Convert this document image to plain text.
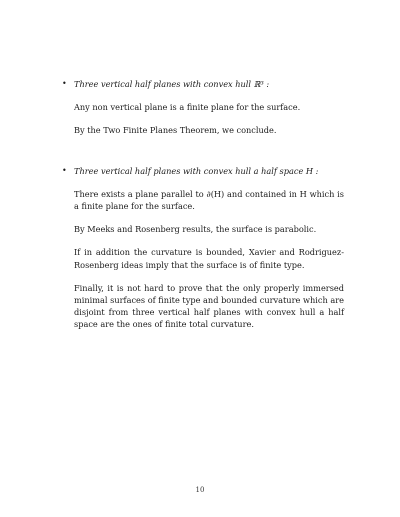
• Three vertical half planes with convex hull ℝ³ :

Any non vertical plane is a finite plane for the surface.

By the Two Finite Planes Theorem, we conclude.

• Three vertical half planes with convex hull a half space H :

There exists a plane parallel to ∂(H) and contained in H which is a finite plane for the surface.

By Meeks and Rosenberg results, the surface is parabolic.

If in addition the curvature is bounded, Xavier and Rodriguez-Rosenberg ideas imply that the surface is of finite type.

Finally, it is not hard to prove that the only properly immersed minimal surfaces of finite type and bounded curvature which are disjoint from three vertical half planes with convex hull a half space are the ones of finite total curvature.

10
